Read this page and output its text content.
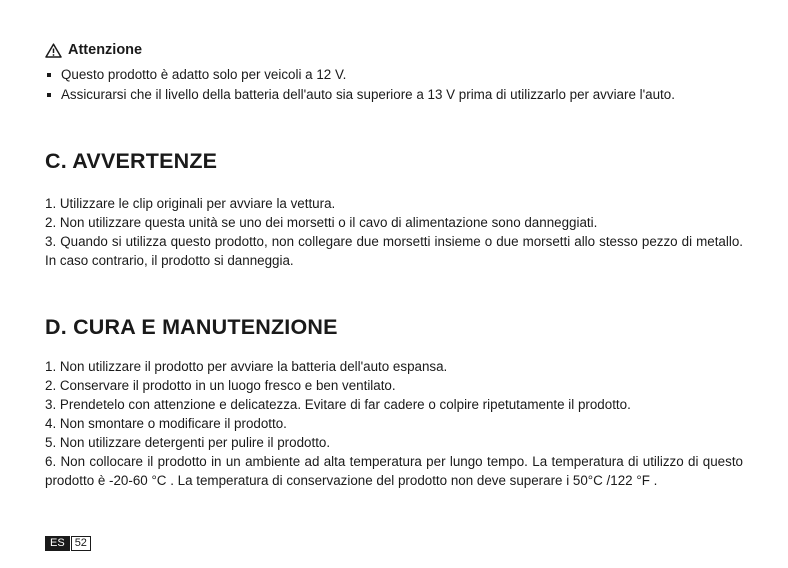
Attenzione
Questo prodotto è adatto solo per veicoli a 12 V.
Assicurarsi che il livello della batteria dell'auto sia superiore a 13 V prima di utilizzarlo per avviare l'auto.
C. AVVERTENZE

1. Utilizzare le clip originali per avviare la vettura.

2. Non utilizzare questa unità se uno dei morsetti o il cavo di alimentazione sono danneggiati.

3. Quando si utilizza questo prodotto, non collegare due morsetti insieme o due morsetti allo stesso pezzo di metallo. In caso contrario, il prodotto si danneggia.

D. CURA E MANUTENZIONE

1. Non utilizzare il prodotto per avviare la batteria dell'auto espansa.

2. Conservare il prodotto in un luogo fresco e ben ventilato.

3. Prendetelo con attenzione e delicatezza. Evitare di far cadere o colpire ripetutamente il prodotto.

4. Non smontare o modificare il prodotto.

5. Non utilizzare detergenti per pulire il prodotto.

6. Non collocare il prodotto in un ambiente ad alta temperatura per lungo tempo. La temperatura di utilizzo di questo prodotto è -20-60 °C . La temperatura di conservazione del prodotto non deve superare i 50°C /122 °F .

ES 52
